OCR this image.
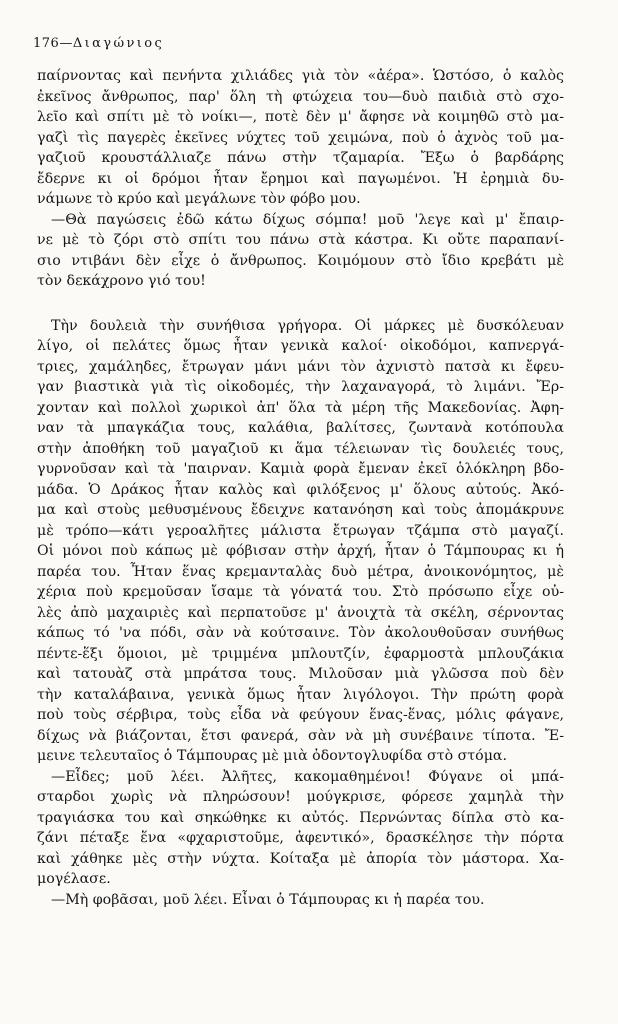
176—Διαγώνιος
παίρνοντας καὶ πενήντα χιλιάδες γιὰ τὸν «ἀέρα». Ὡστόσο, ὁ καλὸς
ἐκεῖνος ἄνθρωπος, παρ' ὅλη τὴ φτώχεια του—δυὸ παιδιὰ στὸ σχο-
λεῖο καὶ σπίτι μὲ τὸ νοίκι—, ποτὲ δὲν μ' ἄφησε νὰ κοιμηθῶ στὸ μα-
γαζὶ τὶς παγερὲς ἐκεῖνες νύχτες τοῦ χειμώνα, ποὺ ὁ ἀχνὸς τοῦ μα-
γαζιοῦ κρουστάλλιαζε πάνω στὴν τζαμαρία. Ἔξω ὁ βαρδάρης
ἔδερνε κι οἱ δρόμοι ἦταν ἔρημοι καὶ παγωμένοι. Ἡ ἐρημιὰ δυ-
νάμωνε τὸ κρύο καὶ μεγάλωνε τὸν φόβο μου.
—Θὰ παγώσεις ἐδῶ κάτω δίχως σόμπα! μοῦ 'λεγε καὶ μ' ἔπαιρ-
νε μὲ τὸ ζόρι στὸ σπίτι του πάνω στὰ κάστρα. Κι οὔτε παραπανί-
σιο ντιβάνι δὲν εἶχε ὁ ἄνθρωπος. Κοιμόμουν στὸ ἴδιο κρεβάτι μὲ
τὸν δεκάχρονο γιό του!
Τὴν δουλειὰ τὴν συνήθισα γρήγορα. Οἱ μάρκες μὲ δυσκόλευαν
λίγο, οἱ πελάτες ὅμως ἦταν γενικὰ καλοί· οἰκοδόμοι, καπνεργά-
τριες, χαμάληδες, ἔτρωγαν μάνι μάνι τὸν ἀχνιστὸ πατσὰ κι ἔφευ-
γαν βιαστικὰ γιὰ τὶς οἰκοδομές, τὴν λαχαναγορά, τὸ λιμάνι. Ἔρ-
χονταν καὶ πολλοὶ χωρικοὶ ἀπ' ὅλα τὰ μέρη τῆς Μακεδονίας. Ἀφη-
ναν τὰ μπαγκάζια τους, καλάθια, βαλίτσες, ζωντανὰ κοτόπουλα
στὴν ἀποθήκη τοῦ μαγαζιοῦ κι ἅμα τέλειωναν τὶς δουλειές τους,
γυρνοῦσαν καὶ τὰ 'παιρναν. Καμιὰ φορὰ ἔμεναν ἐκεῖ ὁλόκληρη βδο-
μάδα. Ὁ Δράκος ἦταν καλὸς καὶ φιλόξενος μ' ὅλους αὐτούς. Ἀκό-
μα καὶ στοὺς μεθυσμένους ἔδειχνε κατανόηση καὶ τοὺς ἀπομάκρυνε
μὲ τρόπο—κάτι γεροαλῆτες μάλιστα ἔτρωγαν τζάμπα στὸ μαγαζί.
Οἱ μόνοι ποὺ κάπως μὲ φόβισαν στὴν ἀρχή, ἦταν ὁ Τάμπουρας κι ἡ
παρέα του. Ἦταν ἕνας κρεμανταλὰς δυὸ μέτρα, ἀνοικονόμητος, μὲ
χέρια ποὺ κρεμοῦσαν ἴσαμε τὰ γόνατά του. Στὸ πρόσωπο εἶχε οὐ-
λὲς ἀπὸ μαχαιριὲς καὶ περπατοῦσε μ' ἀνοιχτὰ τὰ σκέλη, σέρνοντας
κάπως τό 'να πόδι, σὰν νὰ κούτσαινε. Τὸν ἀκολουθοῦσαν συνήθως
πέντε-ἕξι ὅμοιοι, μὲ τριμμένα μπλουτζίν, ἐφαρμοστὰ μπλουζάκια
καὶ τατουὰζ στὰ μπράτσα τους. Μιλοῦσαν μιὰ γλῶσσα ποὺ δὲν
τὴν καταλάβαινα, γενικὰ ὅμως ἦταν λιγόλογοι. Τὴν πρώτη φορὰ
ποὺ τοὺς σέρβιρα, τοὺς εἶδα νὰ φεύγουν ἕνας-ἕνας, μόλις φάγανε,
δίχως νὰ βιάζονται, ἔτσι φανερά, σὰν νὰ μὴ συνέβαινε τίποτα. Ἔ-
μεινε τελευταῖος ὁ Τάμπουρας μὲ μιὰ ὀδοντογλυφίδα στὸ στόμα.
—Εἶδες; μοῦ λέει. Ἀλῆτες, κακομαθημένοι! Φύγανε οἱ μπά-
σταρδοι χωρὶς νὰ πληρώσουν! μούγκρισε, φόρεσε χαμηλὰ τὴν
τραγιάσκα του καὶ σηκώθηκε κι αὐτός. Περνώντας δίπλα στὸ κα-
ζάνι πέταξε ἕνα «φχαριστοῦμε, ἀφεντικό», δρασκέλησε τὴν πόρτα
καὶ χάθηκε μὲς στὴν νύχτα. Κοίταξα μὲ ἀπορία τὸν μάστορα. Χα-
μογέλασε.
—Μὴ φοβᾶσαι, μοῦ λέει. Εἶναι ὁ Τάμπουρας κι ἡ παρέα του.
